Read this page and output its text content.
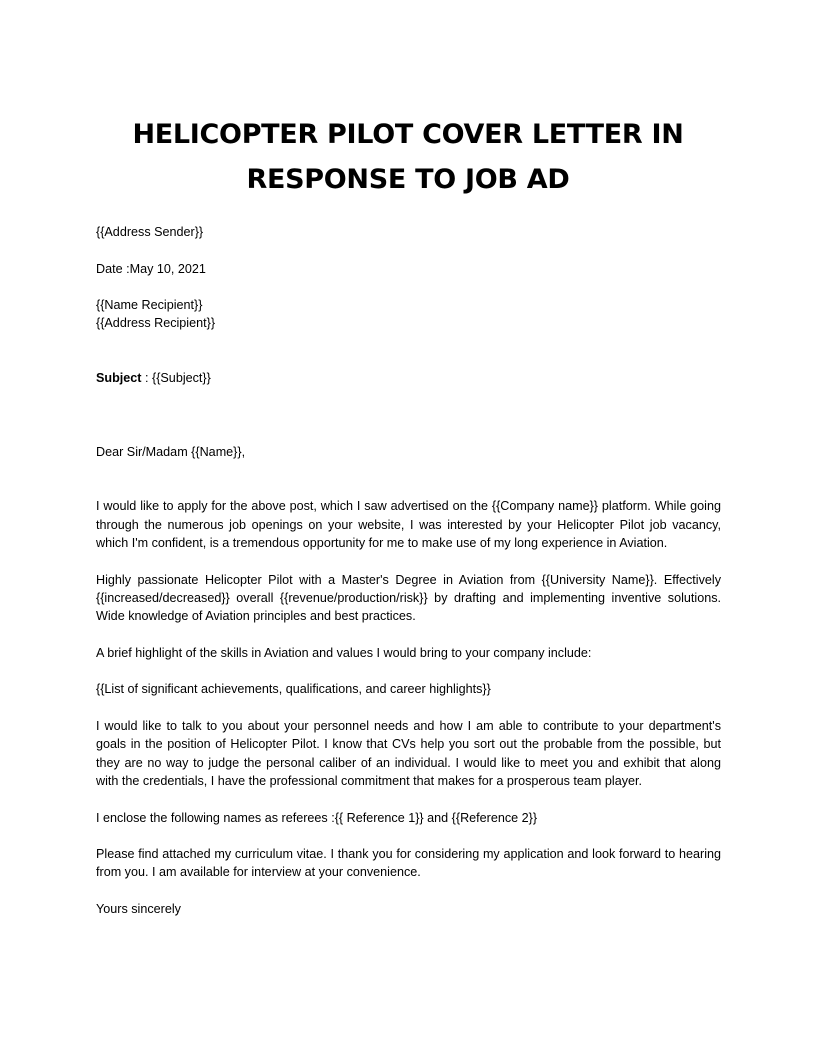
HELICOPTER PILOT COVER LETTER IN
RESPONSE TO JOB AD
{{Address Sender}}
Date :May 10, 2021
{{Name Recipient}}
{{Address Recipient}}
Subject : {{Subject}}
Dear Sir/Madam {{Name}},

I would like to apply for the above post, which I saw advertised on the {{Company name}} platform. While going through the numerous job openings on your website, I was interested by your Helicopter Pilot job vacancy, which I'm confident, is a tremendous opportunity for me to make use of my long experience in Aviation.

Highly passionate Helicopter Pilot with a Master's Degree in Aviation from {{University Name}}. Effectively {{increased/decreased}} overall {{revenue/production/risk}} by drafting and implementing inventive solutions. Wide knowledge of Aviation principles and best practices.

A brief highlight of the skills in Aviation and values I would bring to your company include:

{{List of significant achievements, qualifications, and career highlights}}

I would like to talk to you about your personnel needs and how I am able to contribute to your department's goals in the position of Helicopter Pilot. I know that CVs help you sort out the probable from the possible, but they are no way to judge the personal caliber of an individual. I would like to meet you and exhibit that along with the credentials, I have the professional commitment that makes for a prosperous team player.

I enclose the following names as referees :{{ Reference 1}} and {{Reference 2}}

Please find attached my curriculum vitae. I thank you for considering my application and look forward to hearing from you. I am available for interview at your convenience.

Yours sincerely
